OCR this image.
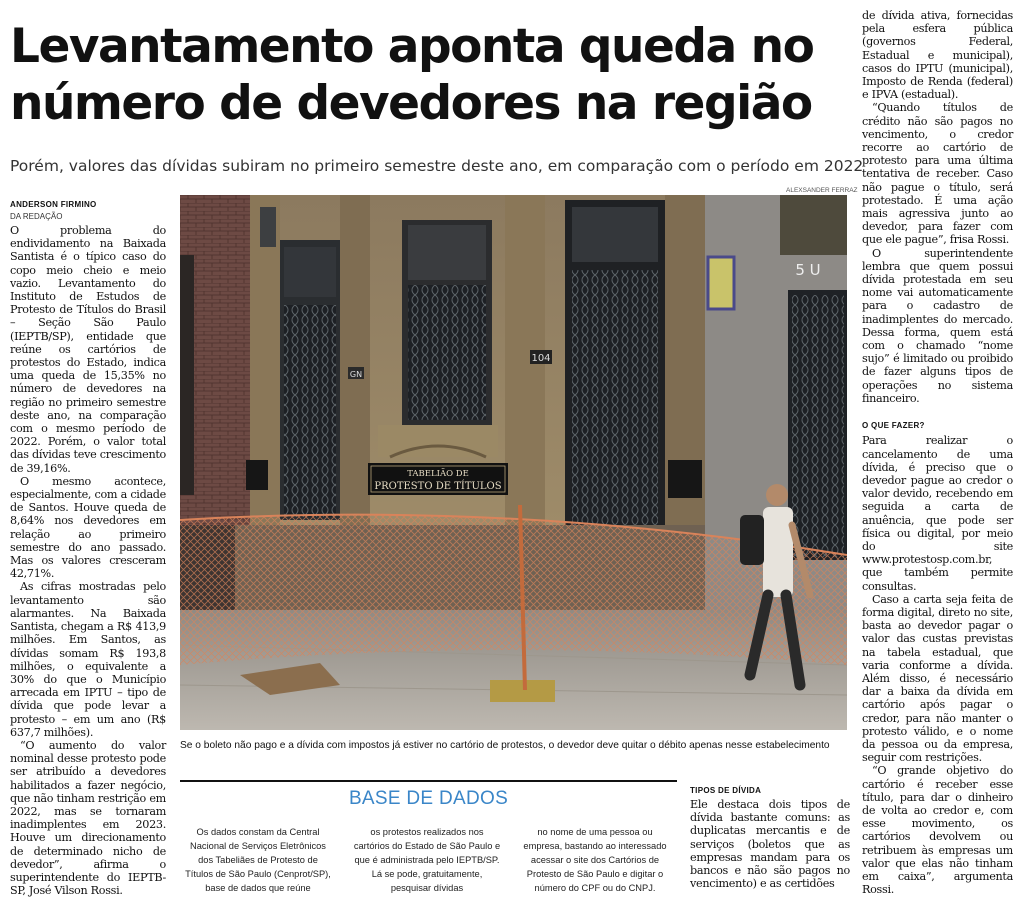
Levantamento aponta queda no
número de devedores na região

Porém, valores das dívidas subiram no primeiro semestre deste ano, em comparação com o período em 2022

ANDERSON FIRMINO
DA REDAÇÃO

O problema do endividamento na Baixada Santista é o típico caso do copo meio cheio e meio vazio. Levantamento do Instituto de Estudos de Protesto de Títulos do Brasil – Seção São Paulo (IEPTB/SP), entidade que reúne os cartórios de protestos do Estado, indica uma queda de 15,35% no número de devedores na região no primeiro semestre deste ano, na comparação com o mesmo período de 2022. Porém, o valor total das dívidas teve crescimento de 39,16%.

O mesmo acontece, especialmente, com a cidade de Santos. Houve queda de 8,64% nos devedores em relação ao primeiro semestre do ano passado. Mas os valores cresceram 42,71%.

As cifras mostradas pelo levantamento são alarmantes. Na Baixada Santista, chegam a R$ 413,9 milhões. Em Santos, as dívidas somam R$ 193,8 milhões, o equivalente a 30% do que o Município arrecada em IPTU – tipo de dívida que pode levar a protesto – em um ano (R$ 637,7 milhões).

“O aumento do valor nominal desse protesto pode ser atribuído a devedores habilitados a fazer negócio, que não tinham restrição em 2022, mas se tornaram inadimplentes em 2023. Houve um direcionamento de determinado nicho de devedor”, afirma o superintendente do IEPTB-SP, José Vilson Rossi.

ALEXSANDER FERRAZ
TABELIÃO DE
PROTESTO DE TÍTULOS
104
GN
5 U
Se o boleto não pago e a dívida com impostos já estiver no cartório de protestos, o devedor deve quitar o débito apenas nesse estabelecimento
BASE DE DADOS
Os dados constam da Central Nacional de Serviços Eletrônicos dos Tabeliães de Protesto de Títulos de São Paulo (Cenprot/SP), base de dados que reúne
os protestos realizados nos cartórios do Estado de São Paulo e que é administrada pelo IEPTB/SP. Lá se pode, gratuitamente, pesquisar dívidas
no nome de uma pessoa ou empresa, bastando ao interessado acessar o site dos Cartórios de Protesto de São Paulo e digitar o número do CPF ou do CNPJ.
TIPOS DE DÍVIDA

Ele destaca dois tipos de dívida bastante comuns: as duplicatas mercantis e de serviços (boletos que as empresas mandam para os bancos e não são pagos no vencimento) e as certidões

de dívida ativa, fornecidas pela esfera pública (governos Federal, Estadual e municipal), casos do IPTU (municipal), Imposto de Renda (federal) e IPVA (estadual).

“Quando títulos de crédito não são pagos no vencimento, o credor recorre ao cartório de protesto para uma última tentativa de receber. Caso não pague o título, será protestado. É uma ação mais agressiva junto ao devedor, para fazer com que ele pague”, frisa Rossi.

O superintendente lembra que quem possui dívida protestada em seu nome vai automaticamente para o cadastro de inadimplentes do mercado. Dessa forma, quem está com o chamado “nome sujo” é limitado ou proibido de fazer alguns tipos de operações no sistema financeiro.

O QUE FAZER?

Para realizar o cancelamento de uma dívida, é preciso que o devedor pague ao credor o valor devido, recebendo em seguida a carta de anuência, que pode ser física ou digital, por meio do site www.protestosp.com.br, que também permite consultas.

Caso a carta seja feita de forma digital, direto no site, basta ao devedor pagar o valor das custas previstas na tabela estadual, que varia conforme a dívida. Além disso, é necessário dar a baixa da dívida em cartório após pagar o credor, para não manter o protesto válido, e o nome da pessoa ou da empresa, seguir com restrições.

“O grande objetivo do cartório é receber esse título, para dar o dinheiro de volta ao credor e, com esse movimento, os cartórios devolvem ou retribuem às empresas um valor que elas não tinham em caixa”, argumenta Rossi.
